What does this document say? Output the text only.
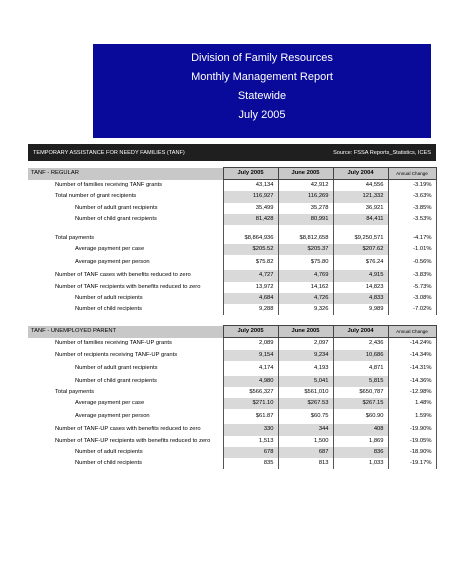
Division of Family Resources
Monthly Management Report
Statewide
July 2005
TEMPORARY ASSISTANCE FOR NEEDY FAMILIES (TANF)	Source: FSSA Reports_Statistics, ICES
TANF - REGULAR	July 2005	June 2005	July 2004	Annual Change
Number of families receiving TANF grants	43,134	42,912	44,556	-3.19%
Total number of grant recipients	116,927	116,269	121,332	-3.63%
Number of adult grant recipients	35,499	35,278	36,921	-3.85%
Number of child grant recipients	81,428	80,991	84,411	-3.53%

Total payments	$8,864,936	$8,812,658	$9,250,571	-4.17%
Average payment per case	$205.52	$205.37	$207.62	-1.01%
Average payment per person	$75.82	$75.80	$76.24	-0.56%
Number of TANF cases with benefits reduced to zero	4,727	4,769	4,915	-3.83%
Number of TANF recipients with benefits reduced to zero	13,972	14,162	14,823	-5.73%
Number of adult recipients	4,684	4,726	4,833	-3.08%
Number of child recipients	9,288	9,326	9,989	-7.02%

TANF - UNEMPLOYED PARENT	July 2005	June 2005	July 2004	Annual Change
Number of families receiving TANF-UP grants	2,089	2,097	2,436	-14.24%
Number of recipients receiving TANF-UP grants	9,154	9,234	10,686	-14.34%
Number of adult grant recipients	4,174	4,193	4,871	-14.31%
Number of child grant recipients	4,980	5,041	5,815	-14.36%
Total payments	$566,327	$561,010	$650,787	-12.98%
Average payment per case	$271.10	$267.53	$267.15	1.48%
Average payment per person	$61.87	$60.75	$60.90	1.59%
Number of TANF-UP cases with benefits reduced to zero	330	344	408	-19.90%
Number of TANF-UP recipients with benefits reduced to zero	1,513	1,500	1,869	-19.05%
Number of adult recipients	678	687	836	-18.90%
Number of child recipients	835	813	1,033	-19.17%
